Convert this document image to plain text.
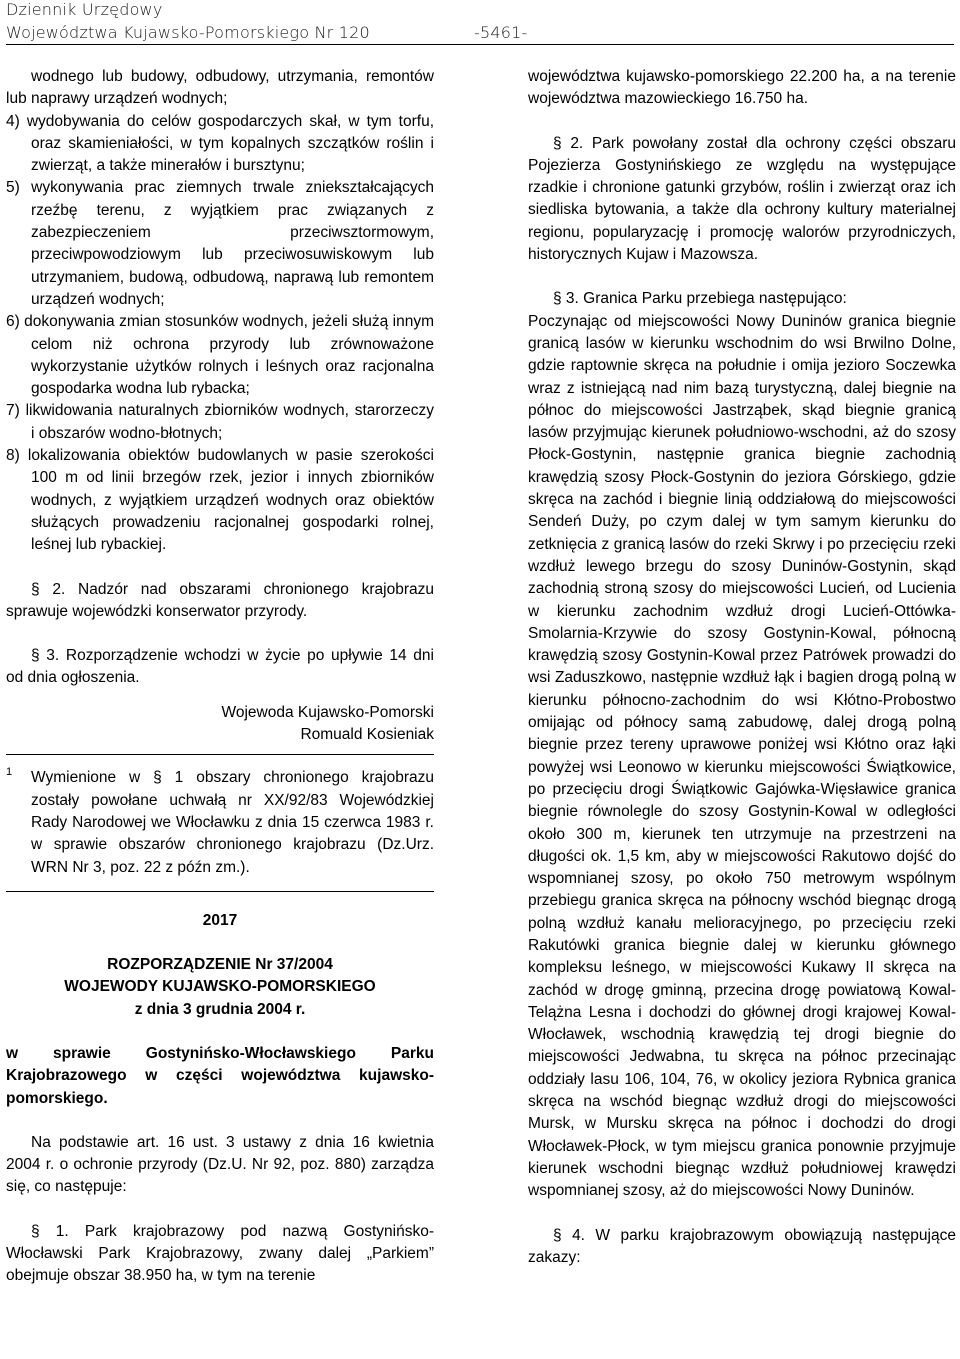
Dziennik Urzędowy
Województwa Kujawsko-Pomorskiego Nr 120	-5461-

wodnego lub budowy, odbudowy, utrzymania, remontów lub naprawy urządzeń wodnych;

4) wydobywania do celów gospodarczych skał, w tym torfu, oraz skamieniałości, w tym kopalnych szczątków roślin i zwierząt, a także minerałów i bursztynu;

5) wykonywania prac ziemnych trwale zniekształcających rzeźbę terenu, z wyjątkiem prac związanych z zabezpieczeniem przeciwsztormowym, przeciwpowodziowym lub przeciwosuwiskowym lub utrzymaniem, budową, odbudową, naprawą lub remontem urządzeń wodnych;

6) dokonywania zmian stosunków wodnych, jeżeli służą innym celom niż ochrona przyrody lub zrównoważone wykorzystanie użytków rolnych i leśnych oraz racjonalna gospodarka wodna lub rybacka;

7) likwidowania naturalnych zbiorników wodnych, starorzeczy i obszarów wodno-błotnych;

8) lokalizowania obiektów budowlanych w pasie szerokości 100 m od linii brzegów rzek, jezior i innych zbiorników wodnych, z wyjątkiem urządzeń wodnych oraz obiektów służących prowadzeniu racjonalnej gospodarki rolnej, leśnej lub rybackiej.

§ 2. Nadzór nad obszarami chronionego krajobrazu sprawuje wojewódzki konserwator przyrody.

§ 3. Rozporządzenie wchodzi w życie po upływie 14 dni od dnia ogłoszenia.

Wojewoda Kujawsko-Pomorski

Romuald Kosieniak

1 Wymienione w § 1 obszary chronionego krajobrazu zostały powołane uchwałą nr XX/92/83 Wojewódzkiej Rady Narodowej we Włocławku z dnia 15 czerwca 1983 r. w sprawie obszarów chronionego krajobrazu (Dz.Urz. WRN Nr 3, poz. 22 z późn zm.).

2017

ROZPORZĄDZENIE Nr 37/2004

WOJEWODY KUJAWSKO-POMORSKIEGO

z dnia 3 grudnia 2004 r.

w sprawie Gostynińsko-Włocławskiego Parku Krajobrazowego w części województwa kujawsko-pomorskiego.

Na podstawie art. 16 ust. 3 ustawy z dnia 16 kwietnia 2004 r. o ochronie przyrody (Dz.U. Nr 92, poz. 880) zarządza się, co następuje:

§ 1. Park krajobrazowy pod nazwą Gostynińsko-Włocławski Park Krajobrazowy, zwany dalej „Parkiem” obejmuje obszar 38.950 ha, w tym na terenie

województwa kujawsko-pomorskiego 22.200 ha, a na terenie województwa mazowieckiego 16.750 ha.

§ 2. Park powołany został dla ochrony części obszaru Pojezierza Gostynińskiego ze względu na występujące rzadkie i chronione gatunki grzybów, roślin i zwierząt oraz ich siedliska bytowania, a także dla ochrony kultury materialnej regionu, popularyzację i promocję walorów przyrodniczych, historycznych Kujaw i Mazowsza.

§ 3. Granica Parku przebiega następująco:

Poczynając od miejscowości Nowy Duninów granica biegnie granicą lasów w kierunku wschodnim do wsi Brwilno Dolne, gdzie raptownie skręca na południe i omija jezioro Soczewka wraz z istniejącą nad nim bazą turystyczną, dalej biegnie na północ do miejscowości Jastrząbek, skąd biegnie granicą lasów przyjmując kierunek południowo-wschodni, aż do szosy Płock-Gostynin, następnie granica biegnie zachodnią krawędzią szosy Płock-Gostynin do jeziora Górskiego, gdzie skręca na zachód i biegnie linią oddziałową do miejscowości Sendeń Duży, po czym dalej w tym samym kierunku do zetknięcia z granicą lasów do rzeki Skrwy i po przecięciu rzeki wzdłuż lewego brzegu do szosy Duninów-Gostynin, skąd zachodnią stroną szosy do miejscowości Lucień, od Lucienia w kierunku zachodnim wzdłuż drogi Lucień-Ottówka-Smolarnia-Krzywie do szosy Gostynin-Kowal, północną krawędzią szosy Gostynin-Kowal przez Patrówek prowadzi do wsi Zaduszkowo, następnie wzdłuż łąk i bagien drogą polną w kierunku północno-zachodnim do wsi Kłótno-Probostwo omijając od północy samą zabudowę, dalej drogą polną biegnie przez tereny uprawowe poniżej wsi Kłótno oraz łąki powyżej wsi Leonowo w kierunku miejscowości Świątkowice, po przecięciu drogi Świątkowic Gajówka-Więsławice granica biegnie równolegle do szosy Gostynin-Kowal w odległości około 300 m, kierunek ten utrzymuje na przestrzeni na długości ok. 1,5 km, aby w miejscowości Rakutowo dojść do wspomnianej szosy, po około 750 metrowym wspólnym przebiegu granica skręca na północny wschód biegnąc drogą polną wzdłuż kanału melioracyjnego, po przecięciu rzeki Rakutówki granica biegnie dalej w kierunku głównego kompleksu leśnego, w miejscowości Kukawy II skręca na zachód w drogę gminną, przecina drogę powiatową Kowal-Telążna Lesna i dochodzi do głównej drogi krajowej Kowal-Włocławek, wschodnią krawędzią tej drogi biegnie do miejscowości Jedwabna, tu skręca na północ przecinając oddziały lasu 106, 104, 76, w okolicy jeziora Rybnica granica skręca na wschód biegnąc wzdłuż drogi do miejscowości Mursk, w Mursku skręca na północ i dochodzi do drogi Włocławek-Płock, w tym miejscu granica ponownie przyjmuje kierunek wschodni biegnąc wzdłuż południowej krawędzi wspomnianej szosy, aż do miejscowości Nowy Duninów.

§ 4. W parku krajobrazowym obowiązują następujące zakazy:
